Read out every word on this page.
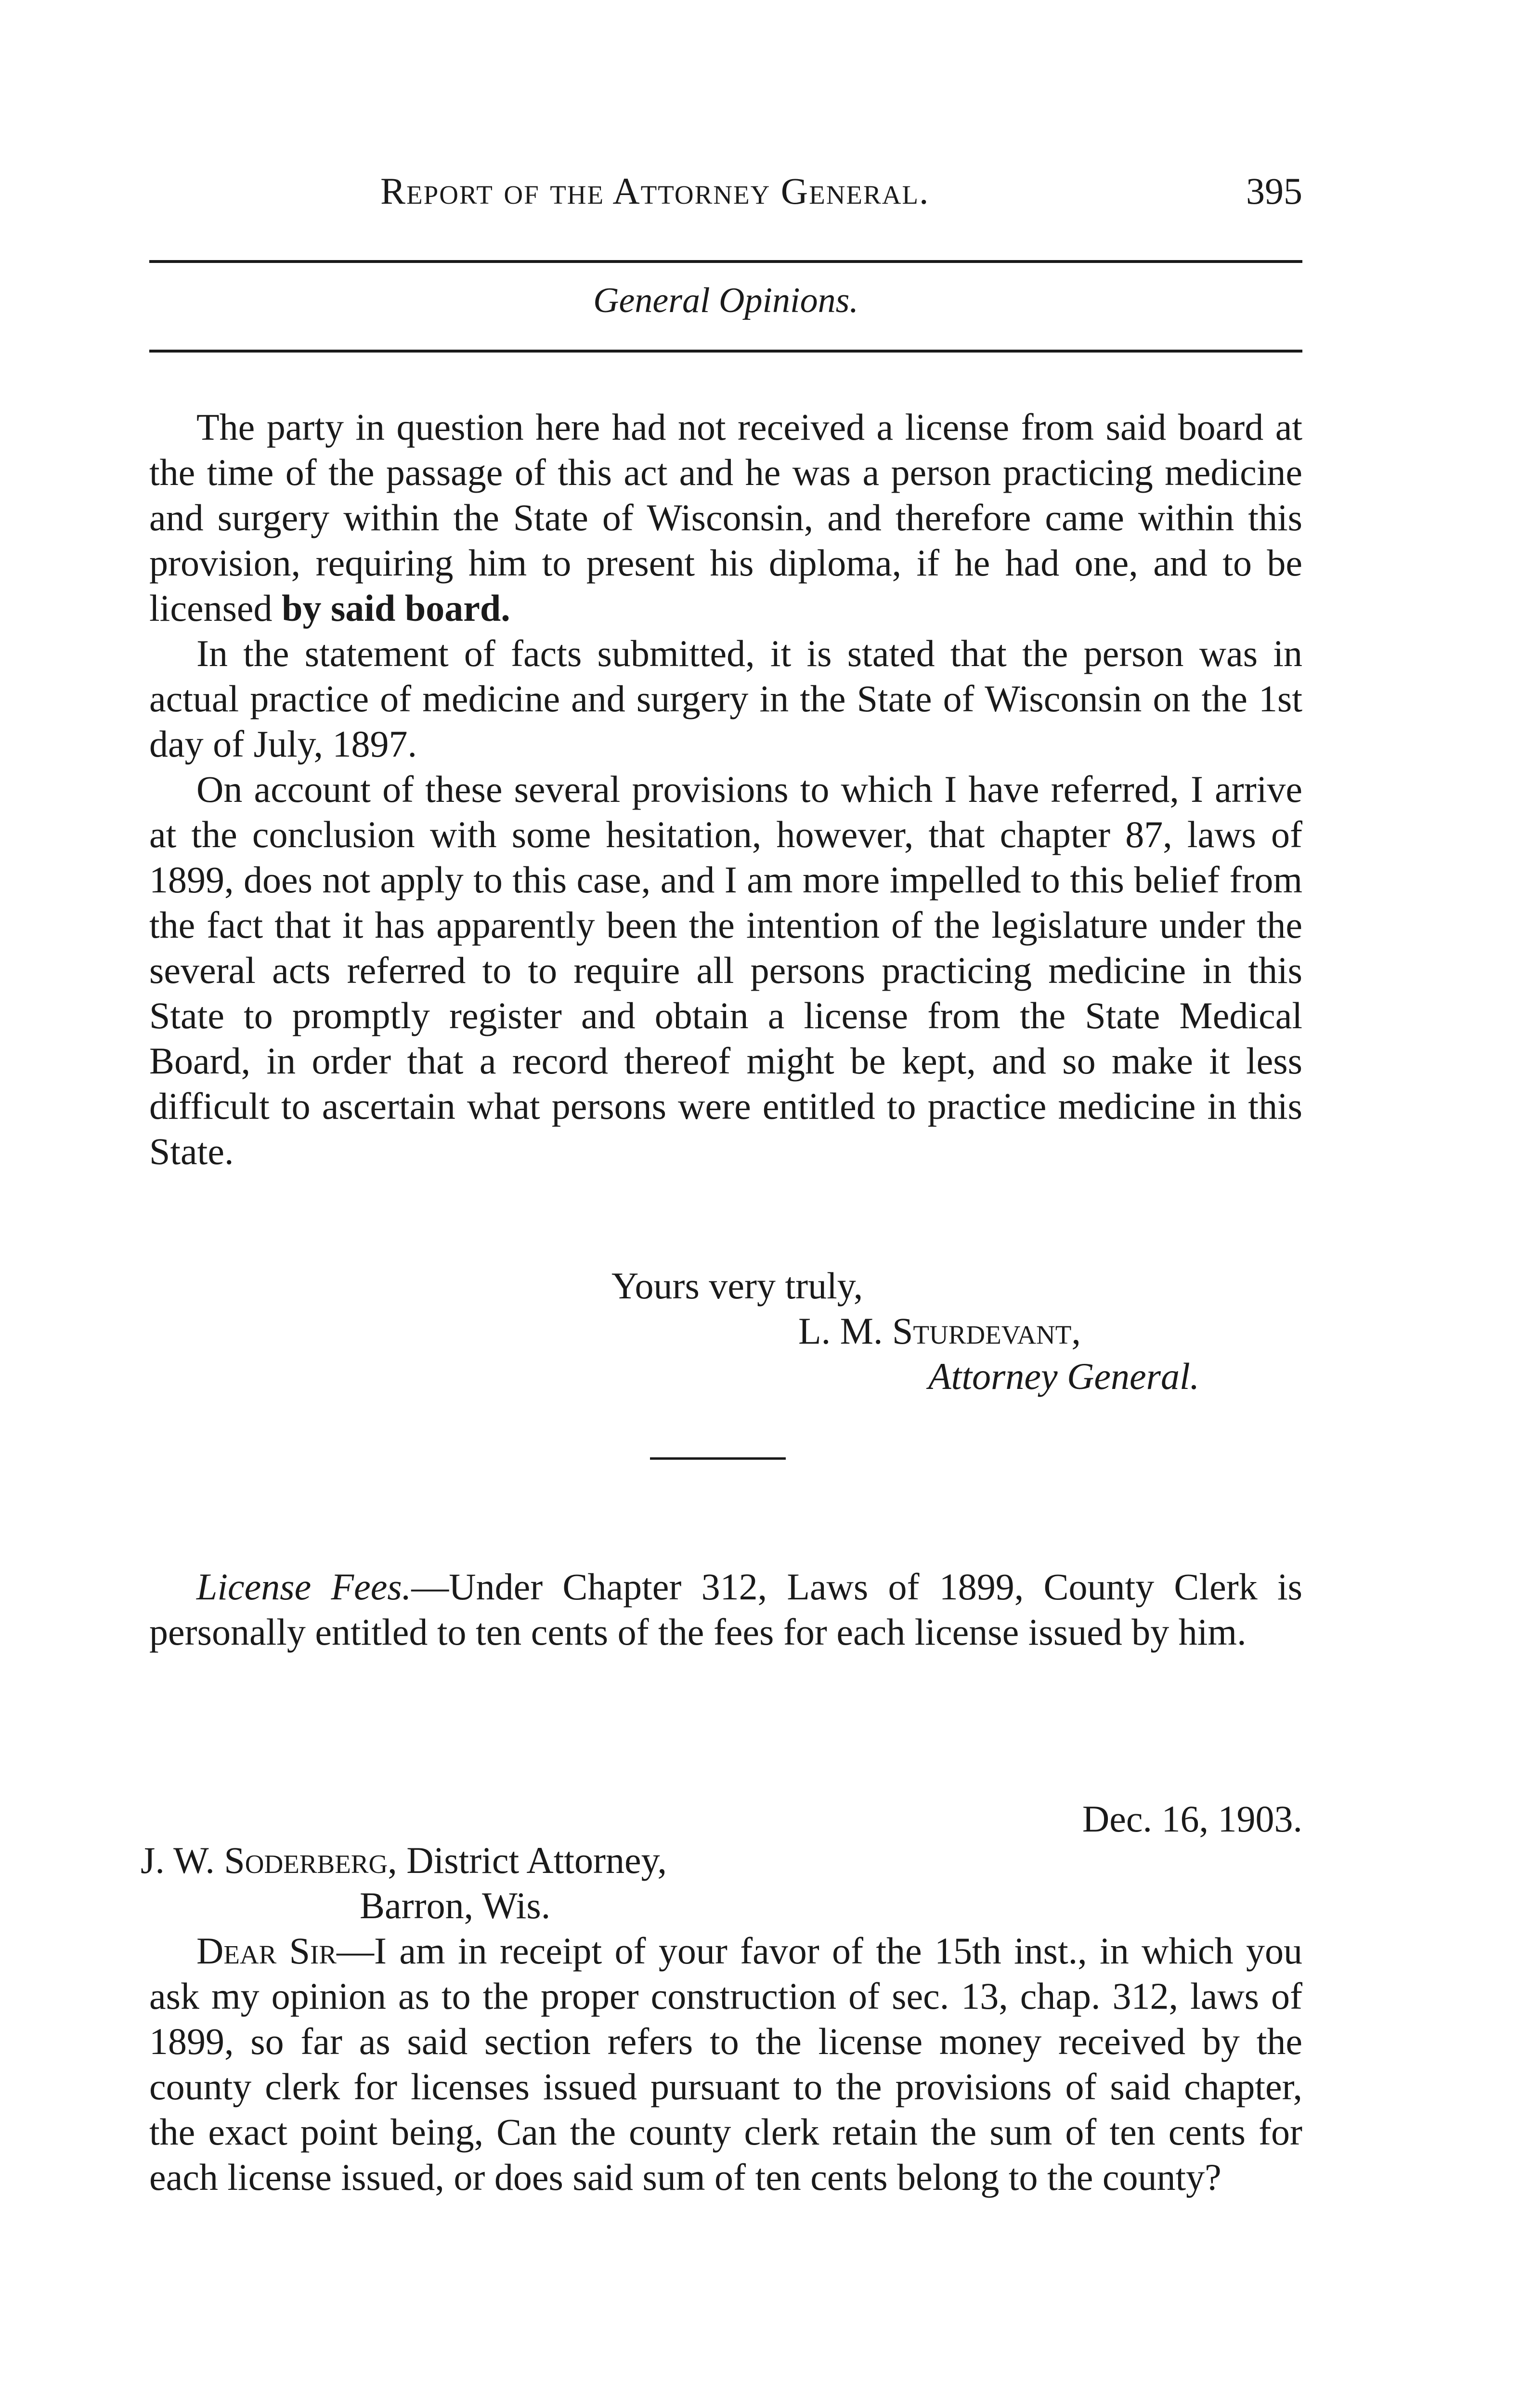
Report of the Attorney General.	395
General Opinions.

The party in question here had not received a license from said board at the time of the passage of this act and he was a person practicing medicine and surgery within the State of Wisconsin, and therefore came within this provision, requiring him to present his diploma, if he had one, and to be licensed by said board.

In the statement of facts submitted, it is stated that the person was in actual practice of medicine and surgery in the State of Wisconsin on the 1st day of July, 1897.

On account of these several provisions to which I have referred, I arrive at the conclusion with some hesitation, however, that chapter 87, laws of 1899, does not apply to this case, and I am more impelled to this belief from the fact that it has apparently been the intention of the legislature under the several acts referred to to require all persons practicing medicine in this State to promptly register and obtain a license from the State Medical Board, in order that a record thereof might be kept, and so make it less difficult to ascertain what persons were entitled to practice medicine in this State.

Yours very truly,
L. M. Sturdevant,
Attorney General.

License Fees.—Under Chapter 312, Laws of 1899, County Clerk is personally entitled to ten cents of the fees for each license issued by him.

Dec. 16, 1903.
J. W. Soderberg, District Attorney,
Barron, Wis.

Dear Sir—I am in receipt of your favor of the 15th inst., in which you ask my opinion as to the proper construction of sec. 13, chap. 312, laws of 1899, so far as said section refers to the license money received by the county clerk for licenses issued pursuant to the provisions of said chapter, the exact point being, Can the county clerk retain the sum of ten cents for each license issued, or does said sum of ten cents belong to the county?
